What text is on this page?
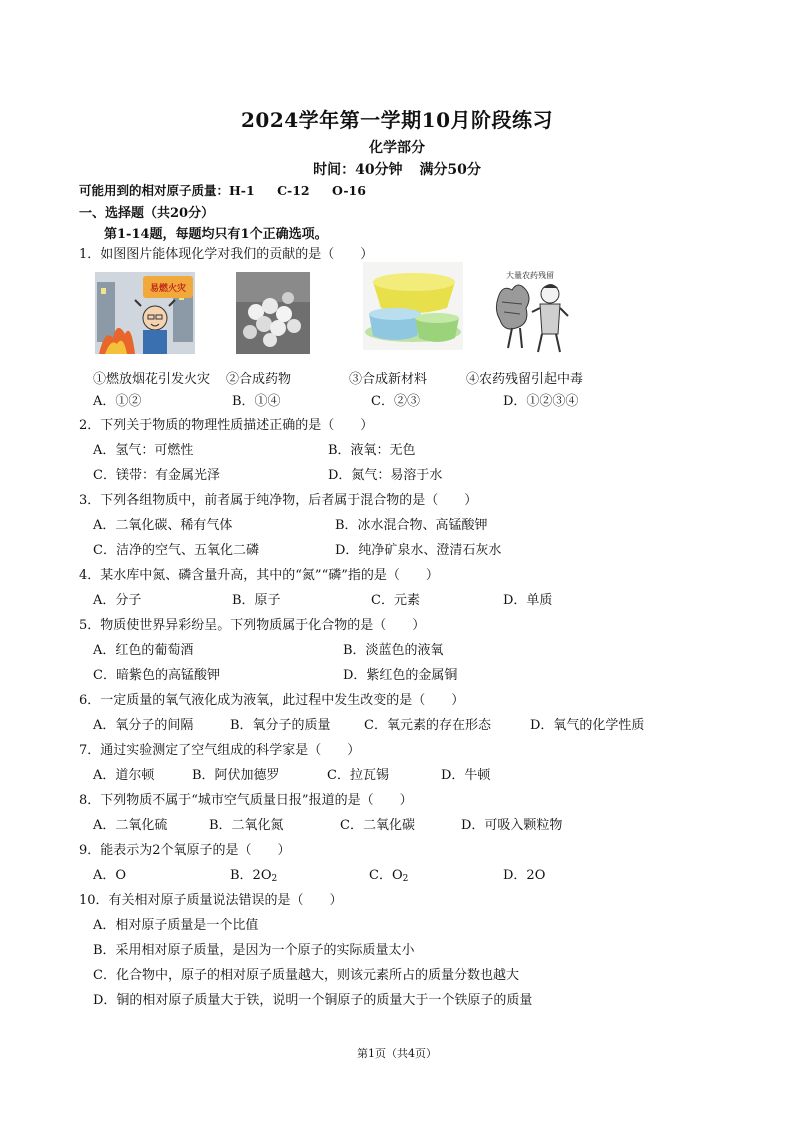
2024学年第一学期10月阶段练习
化学部分
时间：40分钟 满分50分
可能用到的相对原子质量：H-1 C-12 O-16
一、选择题（共20分）
第1-14题，每题均只有1个正确选项。
1．如图图片能体现化学对我们的贡献的是（　　）
易燃火灾
大量农药残留
①燃放烟花引发火灾 ②合成药物	③合成新材料	④农药残留引起中毒
A．①②	B．①④	C．②③	D．①②③④
2．下列关于物质的物理性质描述正确的是（　　）
A．氢气：可燃性	B．液氧：无色
C．镁带：有金属光泽	D．氮气：易溶于水
3．下列各组物质中，前者属于纯净物，后者属于混合物的是（　　）
A．二氧化碳、稀有气体	B．冰水混合物、高锰酸钾
C．洁净的空气、五氧化二磷	D．纯净矿泉水、澄清石灰水
4．某水库中氮、磷含量升高，其中的“氮”“磷”指的是（　　）
A．分子	B．原子	C．元素	D．单质
5．物质使世界异彩纷呈。下列物质属于化合物的是（　　）
A．红色的葡萄酒	B．淡蓝色的液氧
C．暗紫色的高锰酸钾	D．紫红色的金属铜
6．一定质量的氧气液化成为液氧，此过程中发生改变的是（　　）
A．氧分子的间隔	B．氧分子的质量	C．氧元素的存在形态	D．氧气的化学性质
7．通过实验测定了空气组成的科学家是（　　）
A．道尔顿	B．阿伏加德罗	C．拉瓦锡	D．牛顿
8．下列物质不属于“城市空气质量日报”报道的是（　　）
A．二氧化硫	B．二氧化氮	C．二氧化碳	D．可吸入颗粒物
9．能表示为2个氧原子的是（　　）
A．O	B．$2O_2$	C．$O_2$	D．2O
10．有关相对原子质量说法错误的是（　　）
A．相对原子质量是一个比值
B．采用相对原子质量，是因为一个原子的实际质量太小
C．化合物中，原子的相对原子质量越大，则该元素所占的质量分数也越大
D．铜的相对原子质量大于铁，说明一个铜原子的质量大于一个铁原子的质量
第1页（共4页）
